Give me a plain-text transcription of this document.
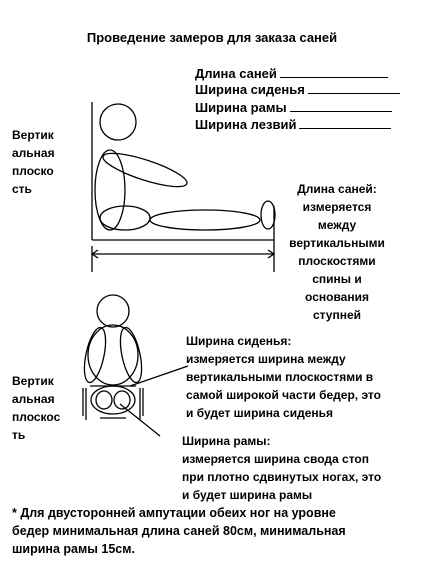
Проведение замеров для заказа саней
Длина саней
Ширина сиденья
Ширина рамы
Ширина лезвий
Вертик
альная
плоско
сть
Вертик
альная
плоскос
ть
Длина саней:
измеряется
между
вертикальными
плоскостями
спины и
основания
ступней
Ширина сиденья:
измеряется ширина между
вертикальными плоскостями в
самой широкой части бедер, это
и будет ширина сиденья
Ширина рамы:
измеряется ширина свода стоп
при плотно сдвинутых ногах, это
и будет ширина рамы
* Для двусторонней ампутации обеих ног на уровне
бедер минимальная длина саней 80см, минимальная
ширина рамы 15см.
